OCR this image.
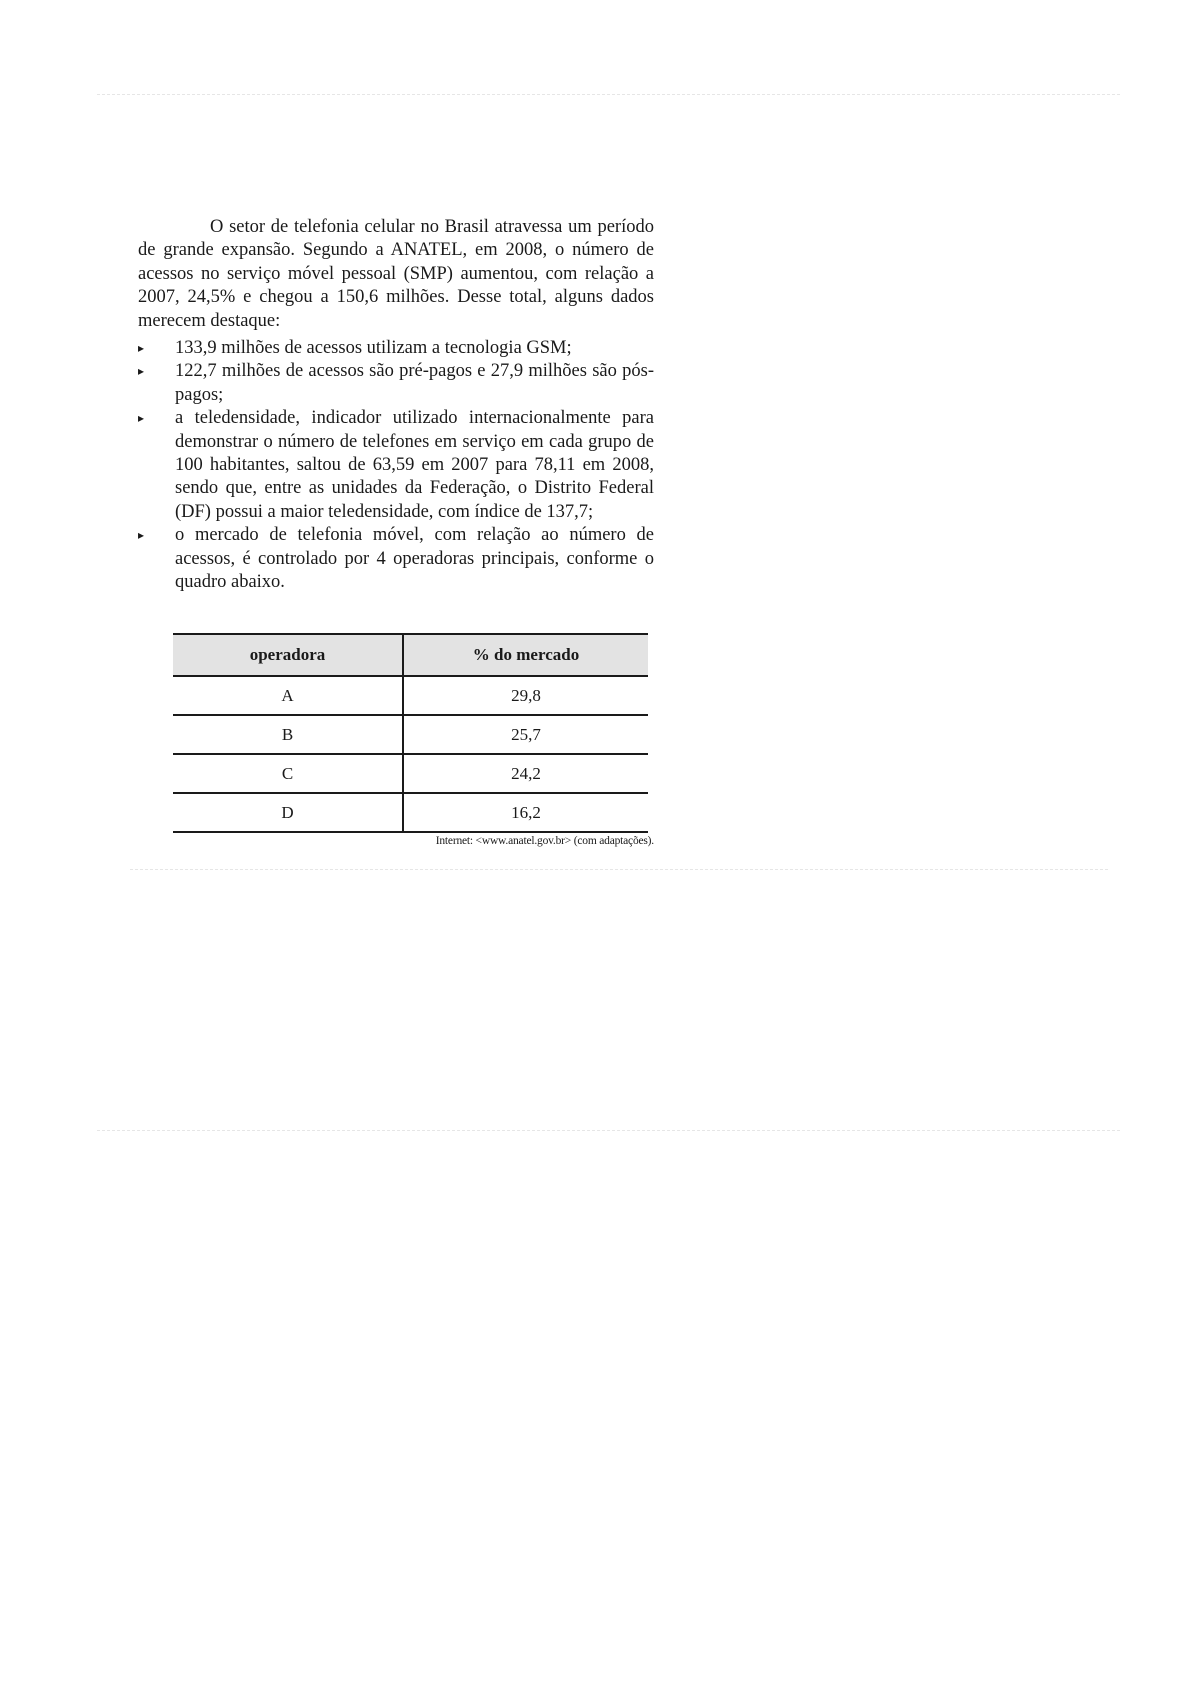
O setor de telefonia celular no Brasil atravessa um período de grande expansão. Segundo a ANATEL, em 2008, o número de acessos no serviço móvel pessoal (SMP) aumentou, com relação a 2007, 24,5% e chegou a 150,6 milhões. Desse total, alguns dados merecem destaque:

▸ 133,9 milhões de acessos utilizam a tecnologia GSM;
▸ 122,7 milhões de acessos são pré-pagos e 27,9 milhões são pós-pagos;
▸ a teledensidade, indicador utilizado internacionalmente para demonstrar o número de telefones em serviço em cada grupo de 100 habitantes, saltou de 63,59 em 2007 para 78,11 em 2008, sendo que, entre as unidades da Federação, o Distrito Federal (DF) possui a maior teledensidade, com índice de 137,7;
▸ o mercado de telefonia móvel, com relação ao número de acessos, é controlado por 4 operadoras principais, conforme o quadro abaixo.
operadora	% do mercado
A	29,8
B	25,7
C	24,2
D	16,2
Internet: <www.anatel.gov.br> (com adaptações).
